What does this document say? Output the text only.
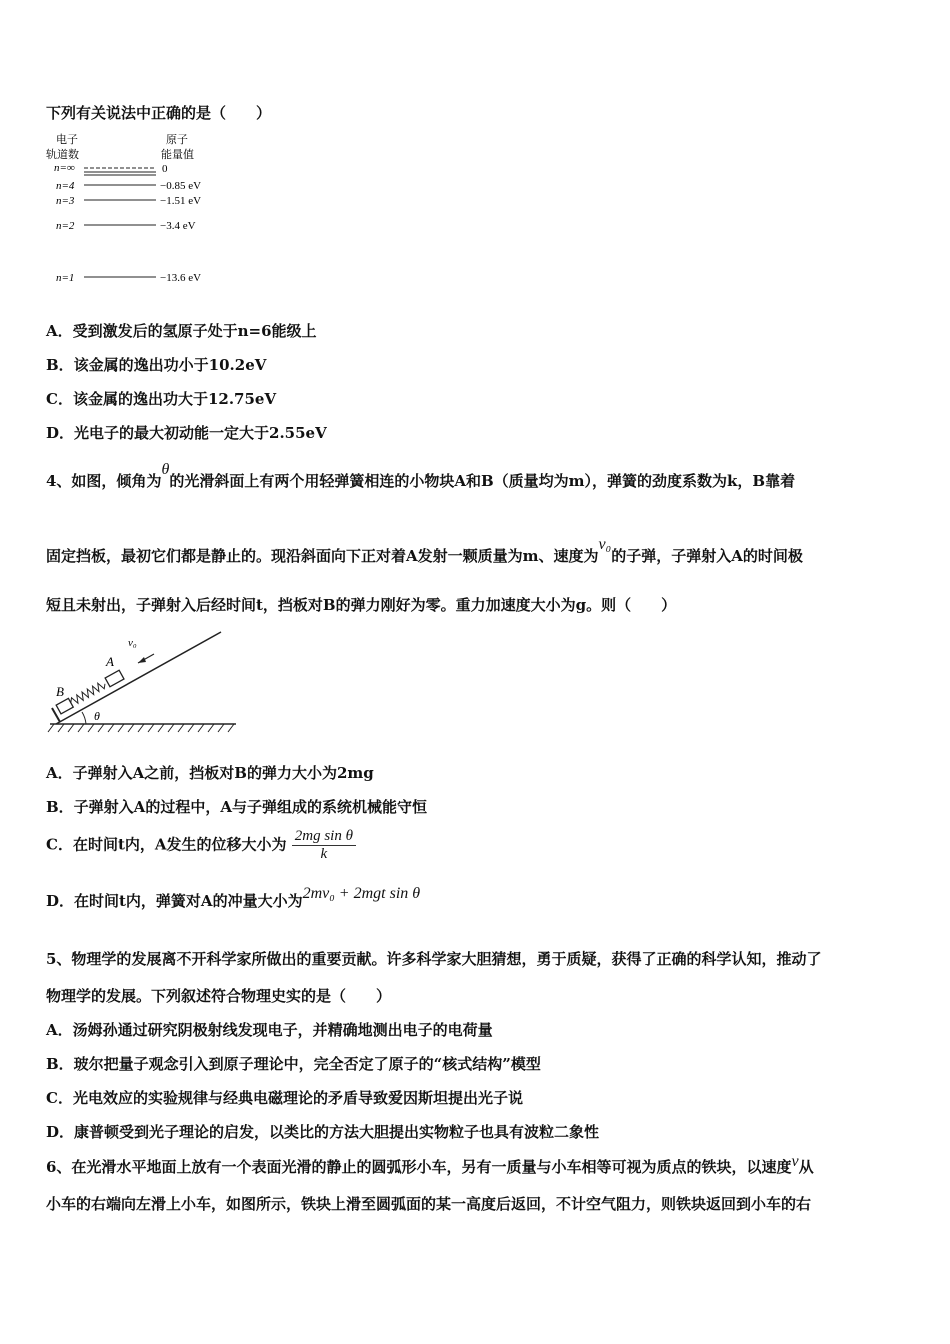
下列有关说法中正确的是（　　）
电子
轨道数
原子
能量值
n=∞	0
n=4	−0.85 eV
n=3	−1.51 eV
n=2	−3.4 eV
n=1	−13.6 eV
A．受到激发后的氢原子处于n=6能级上
B．该金属的逸出功小于10.2eV
C．该金属的逸出功大于12.75eV
D．光电子的最大初动能一定大于2.55eV
4、如图，倾角为θ的光滑斜面上有两个用轻弹簧相连的小物块A和B（质量均为m），弹簧的劲度系数为k，B靠着
固定挡板，最初它们都是静止的。现沿斜面向下正对着A发射一颗质量为m、速度为v₀的子弹，子弹射入A的时间极
短且未射出，子弹射入后经时间t，挡板对B的弹力刚好为零。重力加速度大小为g。则（　　）
B
A
v₀
θ
A．子弹射入A之前，挡板对B的弹力大小为2mg
B．子弹射入A的过程中，A与子弹组成的系统机械能守恒
C．在时间t内，A发生的位移大小为 $\frac{\text{2mg sin θ}}{k}$
D．在时间t内，弹簧对A的冲量大小为2mv₀ + 2mgt sin θ
5、物理学的发展离不开科学家所做出的重要贡献。许多科学家大胆猜想，勇于质疑，获得了正确的科学认知，推动了
物理学的发展。下列叙述符合物理史实的是（　　）
A．汤姆孙通过研究阴极射线发现电子，并精确地测出电子的电荷量
B．玻尔把量子观念引入到原子理论中，完全否定了原子的“核式结构”模型
C．光电效应的实验规律与经典电磁理论的矛盾导致爱因斯坦提出光子说
D．康普顿受到光子理论的启发，以类比的方法大胆提出实物粒子也具有波粒二象性
6、在光滑水平地面上放有一个表面光滑的静止的圆弧形小车，另有一质量与小车相等可视为质点的铁块，以速度v从
小车的右端向左滑上小车，如图所示，铁块上滑至圆弧面的某一高度后返回，不计空气阻力，则铁块返回到小车的右
